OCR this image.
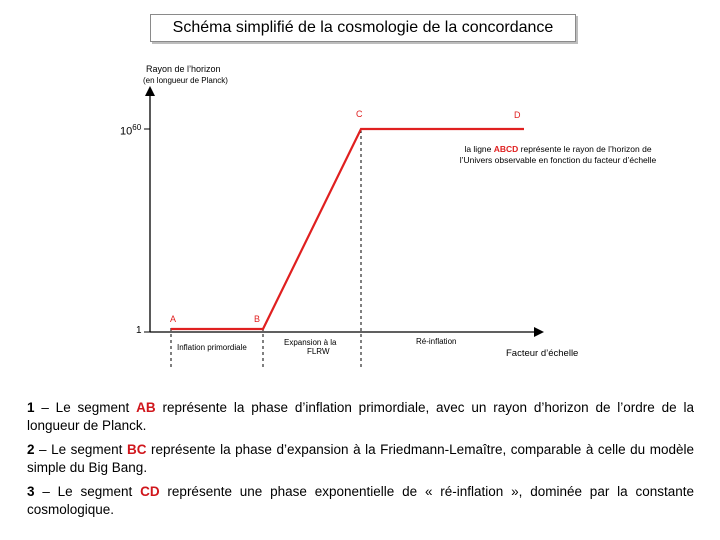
Schéma simplifié de la cosmologie de la concordance
Rayon de l’horizon
(en longueur de Planck)
$10^{60}$
1
A	B
C	D
la ligne ABCD représente le rayon de l’horizon de l’Univers observable en fonction du facteur d’échelle
Inflation primordiale
Expansion à la
FLRW
Ré-inflation
Facteur d’échelle
1 – Le segment AB représente la phase d’inflation primordiale, avec un rayon d’horizon de l’ordre de la longueur de Planck.
2 – Le segment BC représente la phase d’expansion à la Friedmann-Lemaître, comparable à celle du modèle simple du Big Bang.
3 – Le segment CD représente une phase exponentielle de « ré-inflation », dominée par la constante cosmologique.
